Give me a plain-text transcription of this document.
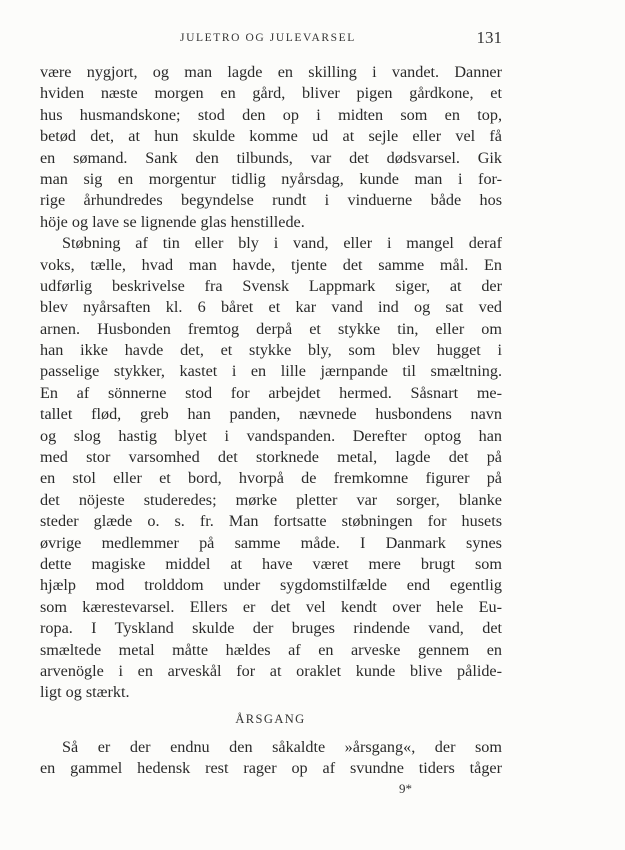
JULETRO OG JULEVARSEL	131
være nygjort, og man lagde en skilling i vandet. Danner
hviden næste morgen en gård, bliver pigen gårdkone, et
hus husmandskone; stod den op i midten som en top,
betød det, at hun skulde komme ud at sejle eller vel få
en sømand. Sank den tilbunds, var det dødsvarsel. Gik
man sig en morgentur tidlig nyårsdag, kunde man i for-
rige århundredes begyndelse rundt i vinduerne både hos
höje og lave se lignende glas henstillede.
Støbning af tin eller bly i vand, eller i mangel deraf
voks, tælle, hvad man havde, tjente det samme mål. En
udførlig beskrivelse fra Svensk Lappmark siger, at der
blev nyårsaften kl. 6 båret et kar vand ind og sat ved
arnen. Husbonden fremtog derpå et stykke tin, eller om
han ikke havde det, et stykke bly, som blev hugget i
passelige stykker, kastet i en lille jærnpande til smæltning.
En af sönnerne stod for arbejdet hermed. Såsnart me-
tallet flød, greb han panden, nævnede husbondens navn
og slog hastig blyet i vandspanden. Derefter optog han
med stor varsomhed det storknede metal, lagde det på
en stol eller et bord, hvorpå de fremkomne figurer på
det nöjeste studeredes; mørke pletter var sorger, blanke
steder glæde o. s. fr. Man fortsatte støbningen for husets
øvrige medlemmer på samme måde. I Danmark synes
dette magiske middel at have været mere brugt som
hjælp mod trolddom under sygdomstilfælde end egentlig
som kærestevarsel. Ellers er det vel kendt over hele Eu-
ropa. I Tyskland skulde der bruges rindende vand, det
smæltede metal måtte hældes af en arveske gennem en
arvenögle i en arveskål for at oraklet kunde blive pålide-
ligt og stærkt.
ÅRSGANG
Så er der endnu den såkaldte »årsgang«, der som
en gammel hedensk rest rager op af svundne tiders tåger
9*
